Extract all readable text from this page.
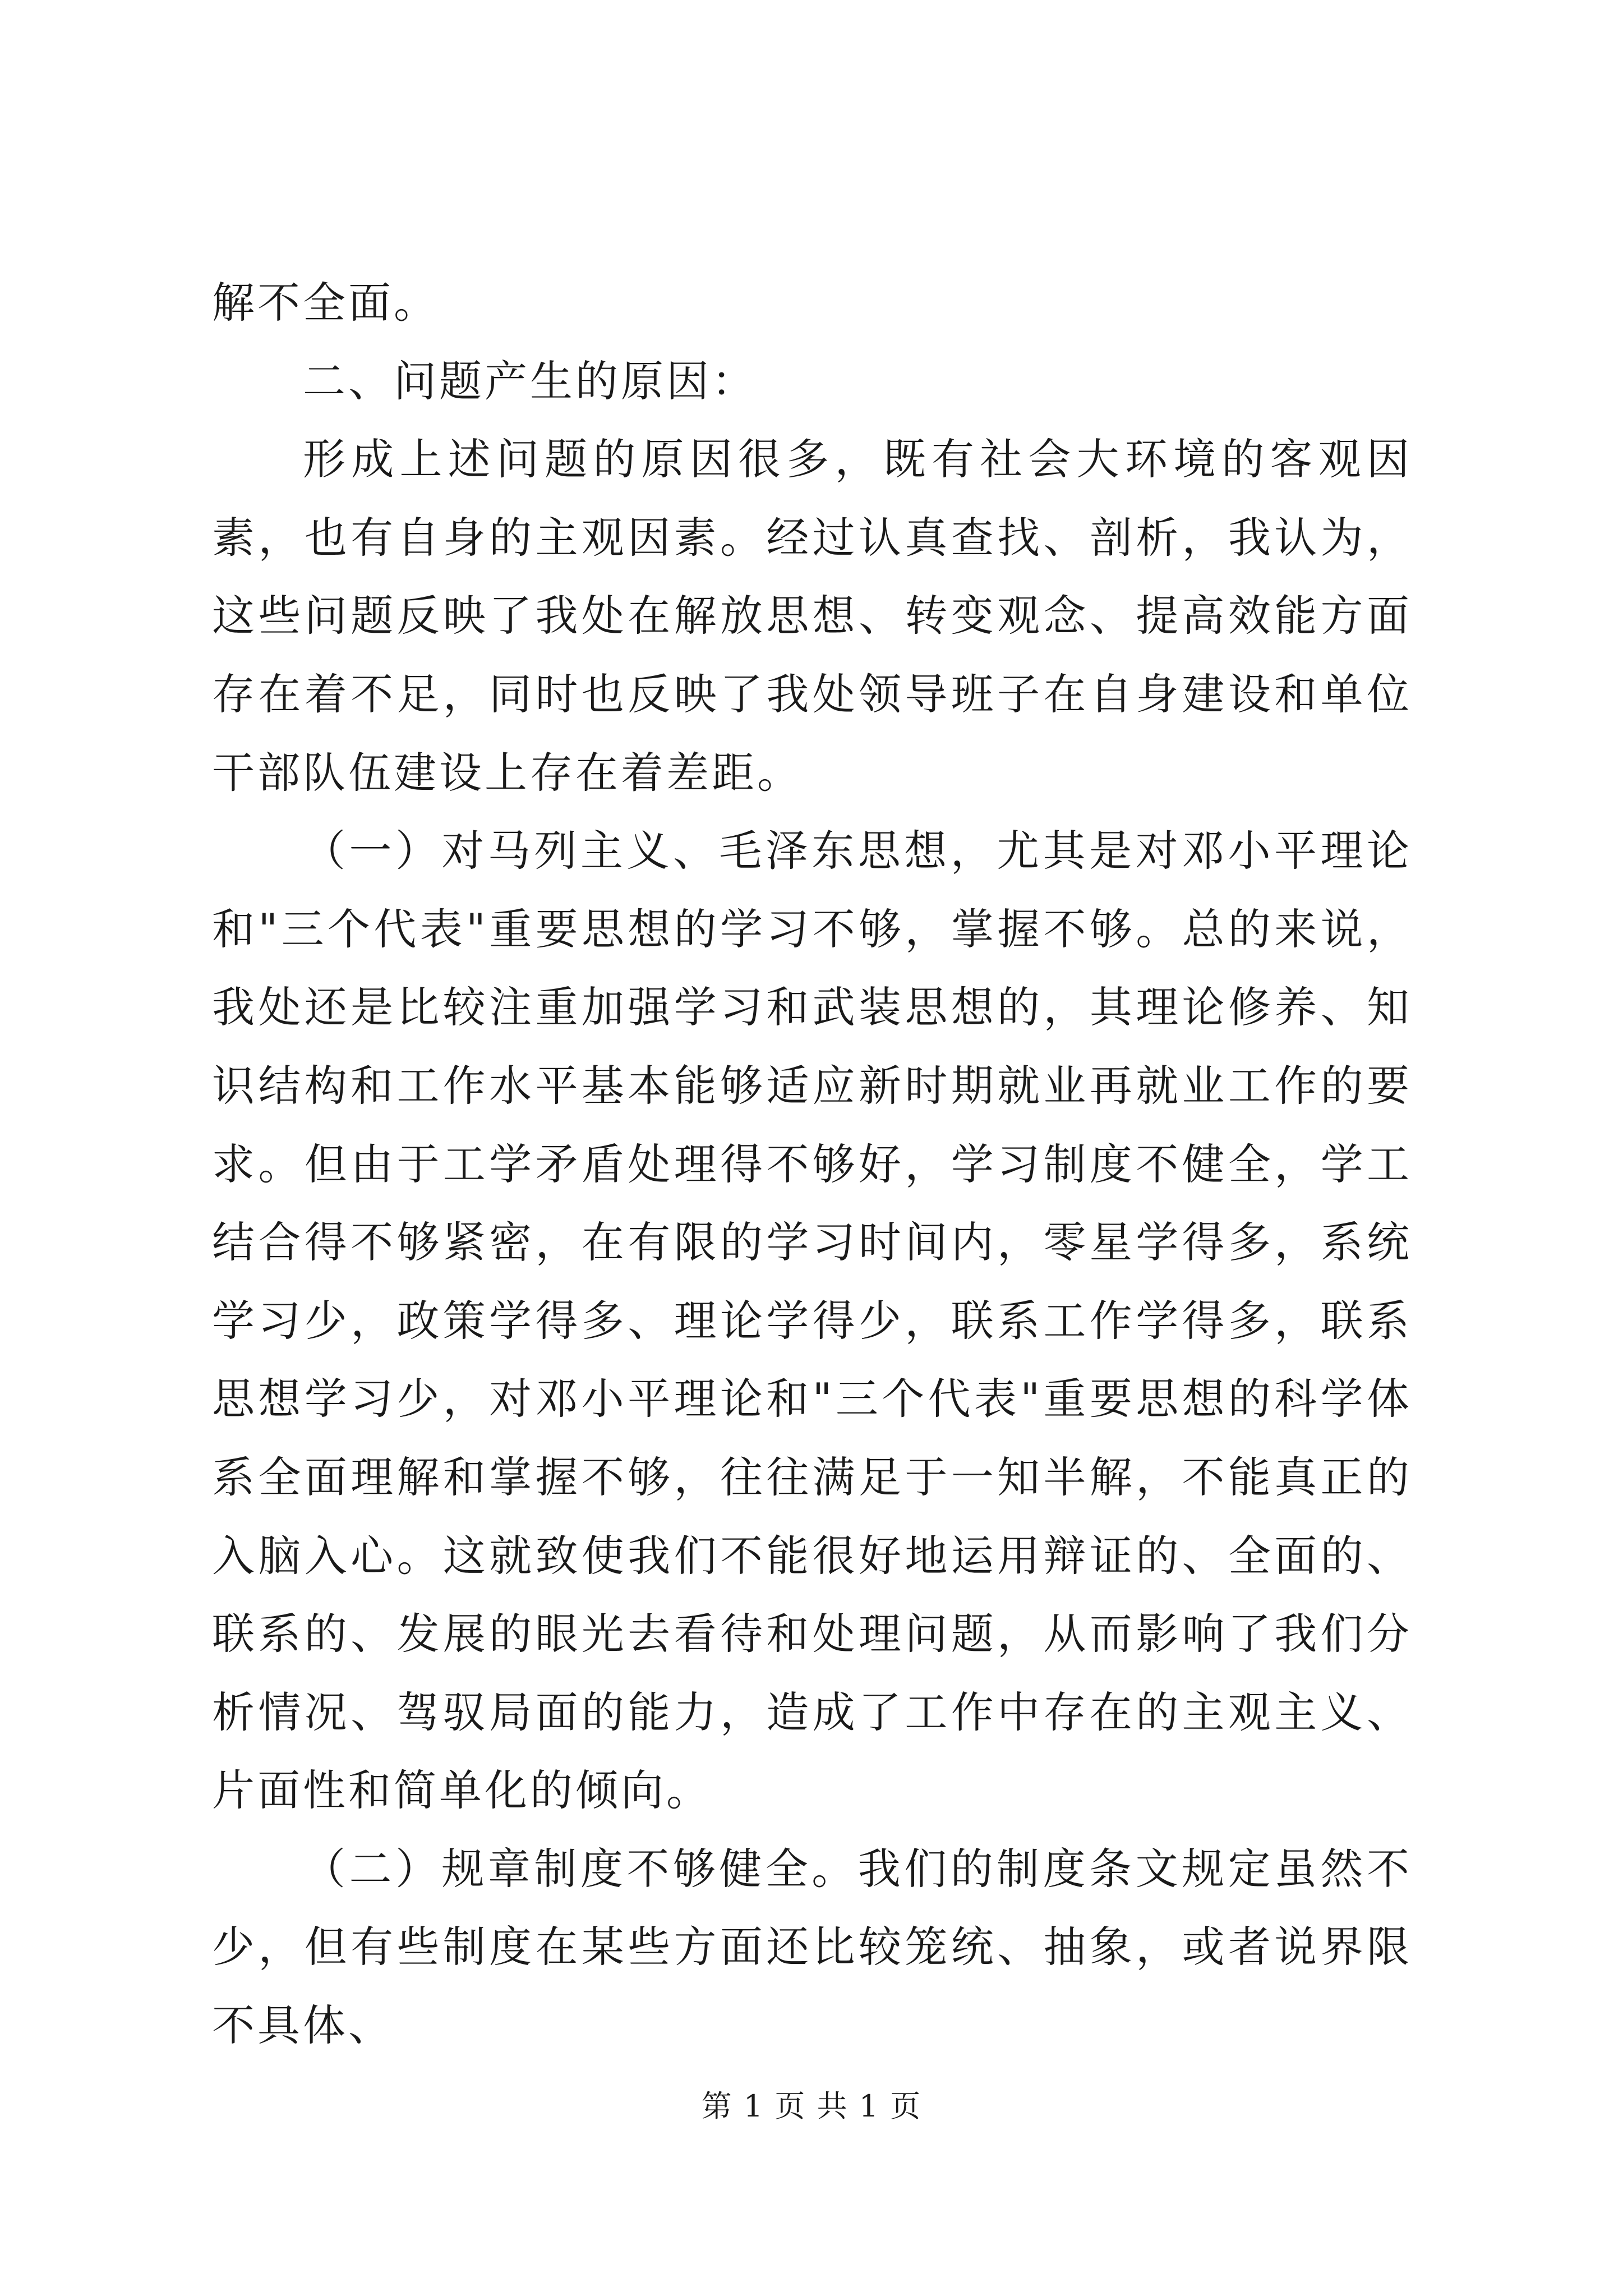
解不全面。

二、问题产生的原因：

形成上述问题的原因很多，既有社会大环境的客观因素，也有自身的主观因素。经过认真查找、剖析，我认为，这些问题反映了我处在解放思想、转变观念、提高效能方面存在着不足，同时也反映了我处领导班子在自身建设和单位干部队伍建设上存在着差距。

（一）对马列主义、毛泽东思想，尤其是对邓小平理论和"三个代表"重要思想的学习不够，掌握不够。总的来说，我处还是比较注重加强学习和武装思想的，其理论修养、知识结构和工作水平基本能够适应新时期就业再就业工作的要求。但由于工学矛盾处理得不够好，学习制度不健全，学工结合得不够紧密，在有限的学习时间内，零星学得多，系统学习少，政策学得多、理论学得少，联系工作学得多，联系思想学习少，对邓小平理论和"三个代表"重要思想的科学体系全面理解和掌握不够，往往满足于一知半解，不能真正的入脑入心。这就致使我们不能很好地运用辩证的、全面的、联系的、发展的眼光去看待和处理问题，从而影响了我们分析情况、驾驭局面的能力，造成了工作中存在的主观主义、片面性和简单化的倾向。

（二）规章制度不够健全。我们的制度条文规定虽然不少，但有些制度在某些方面还比较笼统、抽象，或者说界限不具体、

第 1 页 共 1 页
